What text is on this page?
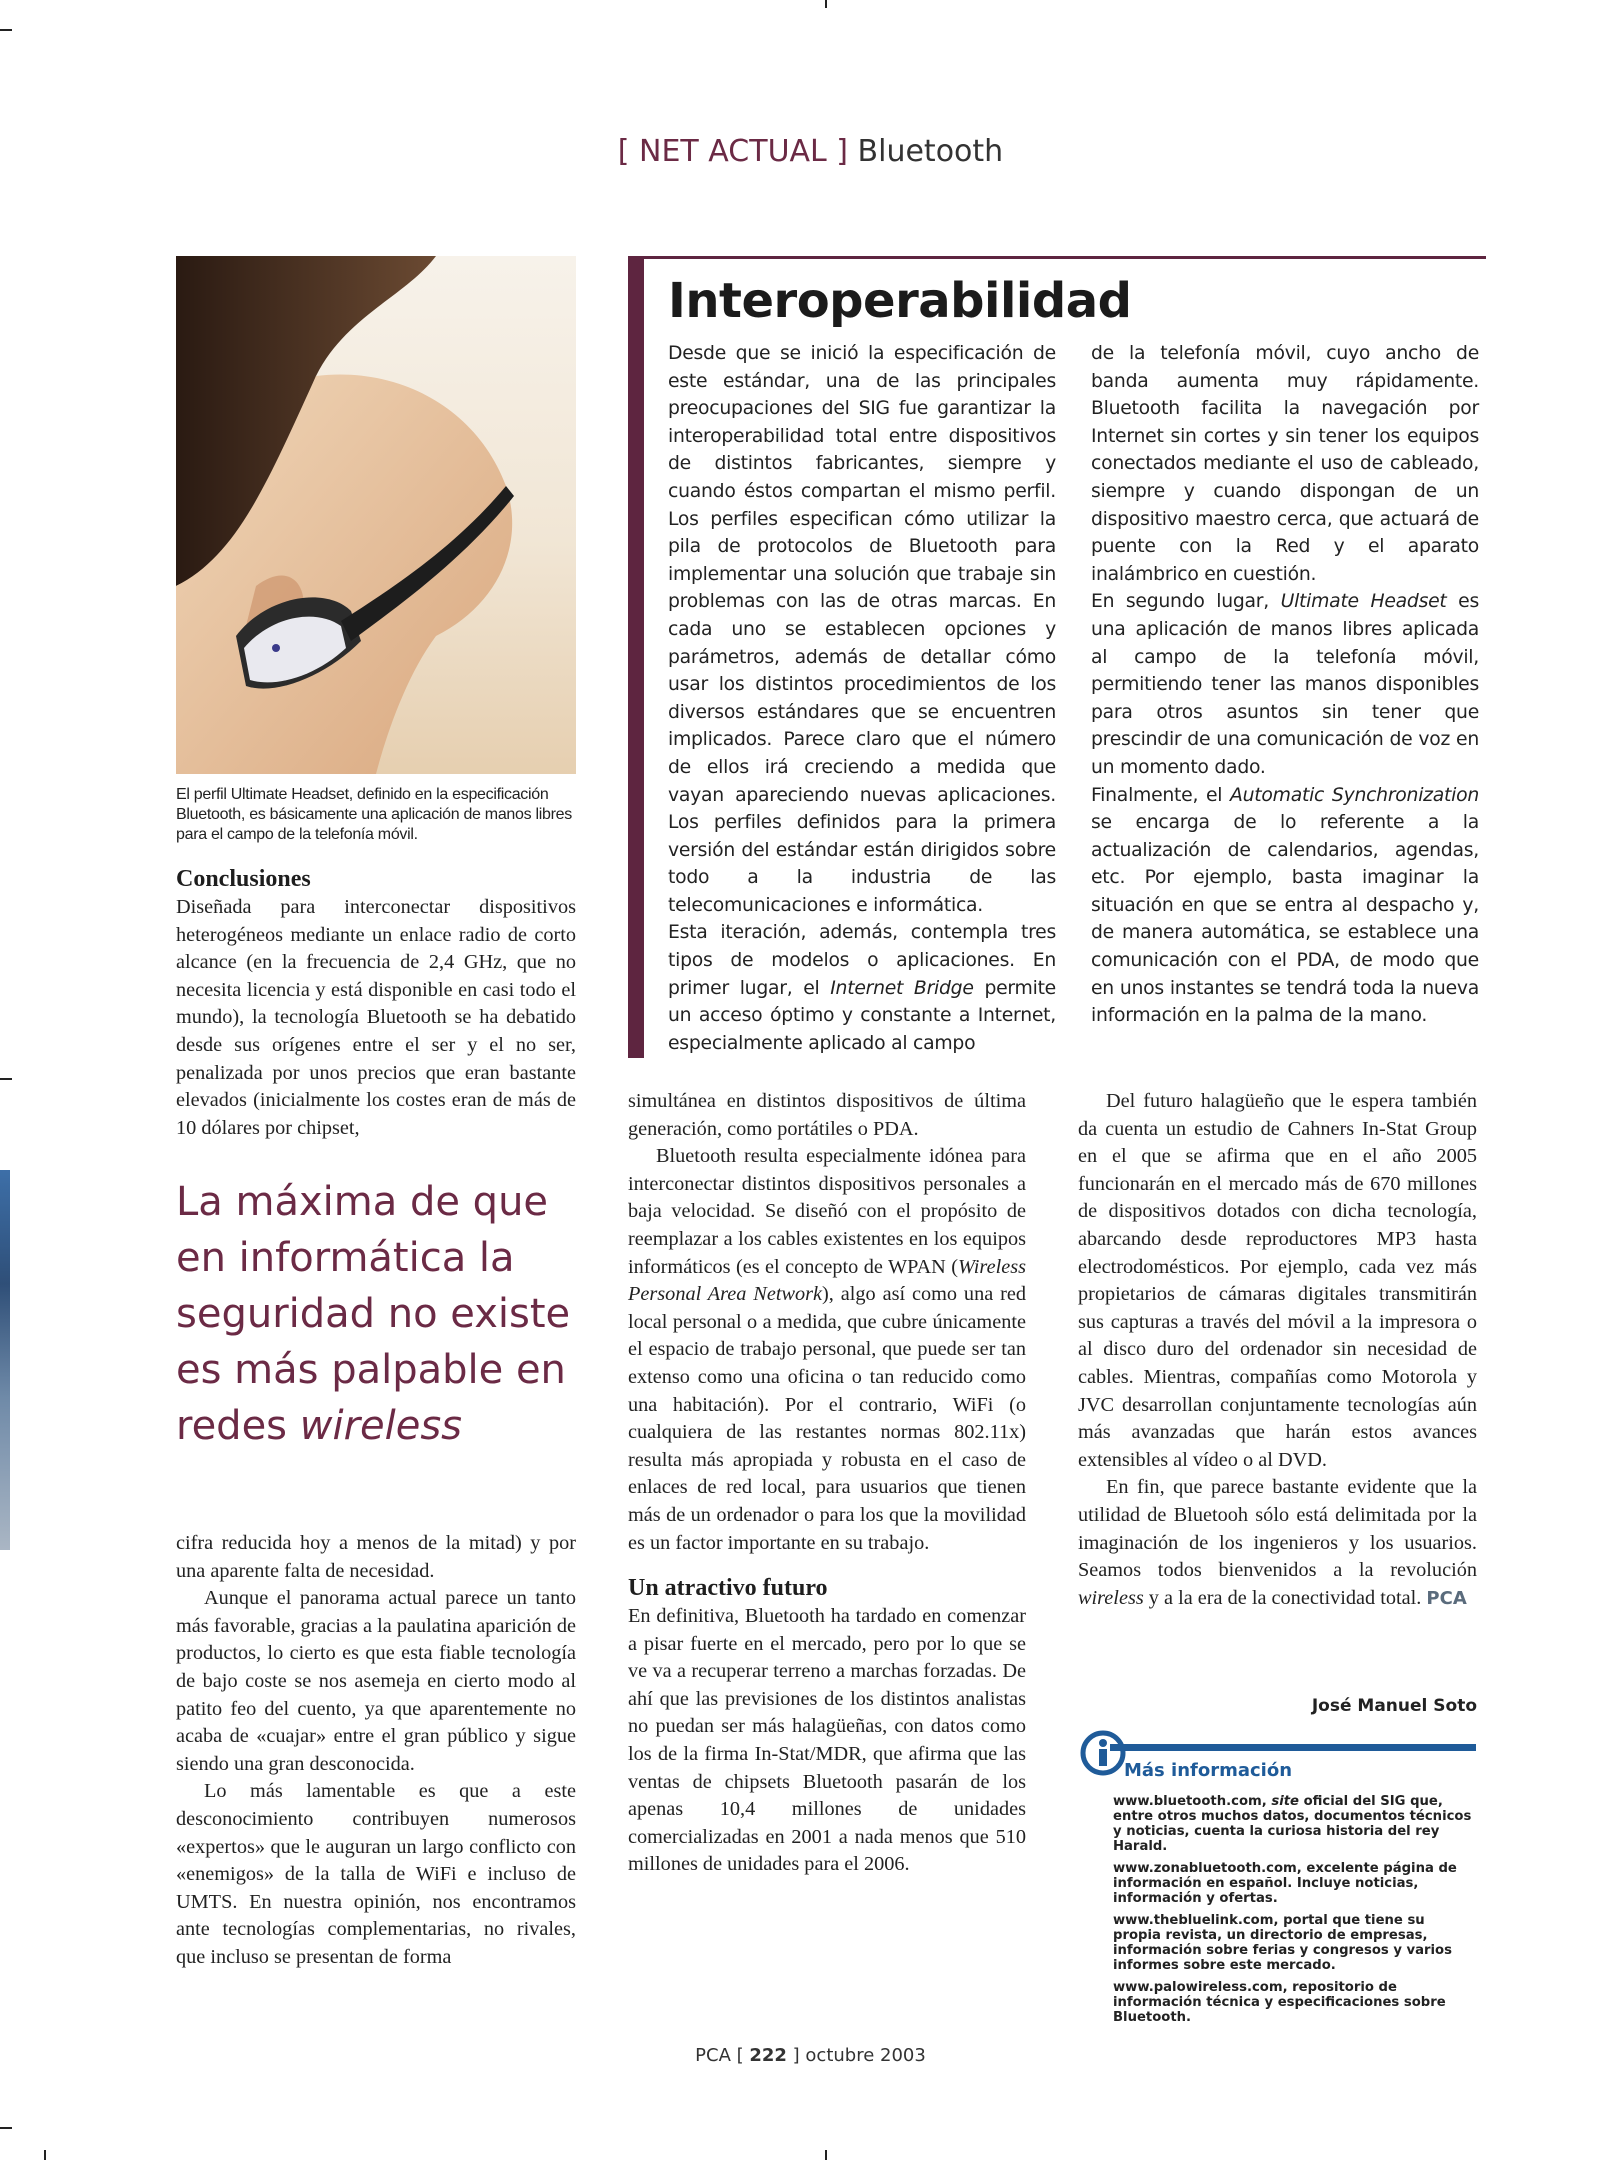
[ NET ACTUAL ] Bluetooth
El perfil Ultimate Headset, definido en la especificación Bluetooth, es básicamente una aplicación de manos libres para el campo de la telefonía móvil.
Conclusiones

Diseñada para interconectar dispositivos heterogéneos mediante un enlace radio de corto alcance (en la frecuencia de 2,4 GHz, que no necesita licencia y está disponible en casi todo el mundo), la tecnología Bluetooth se ha debatido desde sus orígenes entre el ser y el no ser, penalizada por unos precios que eran bastante elevados (inicialmente los costes eran de más de 10 dólares por chipset,

La máxima de que en informática la seguridad no existe es más palpable en redes wireless

cifra reducida hoy a menos de la mitad) y por una aparente falta de necesidad.

Aunque el panorama actual parece un tanto más favorable, gracias a la paulatina aparición de productos, lo cierto es que esta fiable tecnología de bajo coste se nos asemeja en cierto modo al patito feo del cuento, ya que aparentemente no acaba de «cuajar» entre el gran público y sigue siendo una gran desconocida.

Lo más lamentable es que a este desconocimiento contribuyen numerosos «expertos» que le auguran un largo conflicto con «enemigos» de la talla de WiFi e incluso de UMTS. En nuestra opinión, nos encontramos ante tecnologías complementarias, no rivales, que incluso se presentan de forma

Interoperabilidad

Desde que se inició la especificación de este estándar, una de las principales preocupaciones del SIG fue garantizar la interoperabilidad total entre dispositivos de distintos fabricantes, siempre y cuando éstos compartan el mismo perfil. Los perfiles especifican cómo utilizar la pila de protocolos de Bluetooth para implementar una solución que trabaje sin problemas con las de otras marcas. En cada uno se establecen opciones y parámetros, además de detallar cómo usar los distintos procedimientos de los diversos estándares que se encuentren implicados. Parece claro que el número de ellos irá creciendo a medida que vayan apareciendo nuevas aplicaciones. Los perfiles definidos para la primera versión del estándar están dirigidos sobre todo a la industria de las telecomunicaciones e informática.

Esta iteración, además, contempla tres tipos de modelos o aplicaciones. En primer lugar, el Internet Bridge permite un acceso óptimo y constante a Internet, especialmente aplicado al campo

de la telefonía móvil, cuyo ancho de banda aumenta muy rápidamente. Bluetooth facilita la navegación por Internet sin cortes y sin tener los equipos conectados mediante el uso de cableado, siempre y cuando dispongan de un dispositivo maestro cerca, que actuará de puente con la Red y el aparato inalámbrico en cuestión.

En segundo lugar, Ultimate Headset es una aplicación de manos libres aplicada al campo de la telefonía móvil, permitiendo tener las manos disponibles para otros asuntos sin tener que prescindir de una comunicación de voz en un momento dado.

Finalmente, el Automatic Synchronization se encarga de lo referente a la actualización de calendarios, agendas, etc. Por ejemplo, basta imaginar la situación en que se entra al despacho y, de manera automática, se establece una comunicación con el PDA, de modo que en unos instantes se tendrá toda la nueva información en la palma de la mano.

simultánea en distintos dispositivos de última generación, como portátiles o PDA.

Bluetooth resulta especialmente idónea para interconectar distintos dispositivos personales a baja velocidad. Se diseñó con el propósito de reemplazar a los cables existentes en los equipos informáticos (es el concepto de WPAN (Wireless Personal Area Network), algo así como una red local personal o a medida, que cubre únicamente el espacio de trabajo personal, que puede ser tan extenso como una oficina o tan reducido como una habitación). Por el contrario, WiFi (o cualquiera de las restantes normas 802.11x) resulta más apropiada y robusta en el caso de enlaces de red local, para usuarios que tienen más de un ordenador o para los que la movilidad es un factor importante en su trabajo.

Un atractivo futuro

En definitiva, Bluetooth ha tardado en comenzar a pisar fuerte en el mercado, pero por lo que se ve va a recuperar terreno a marchas forzadas. De ahí que las previsiones de los distintos analistas no puedan ser más halagüeñas, con datos como los de la firma In-Stat/MDR, que afirma que las ventas de chipsets Bluetooth pasarán de los apenas 10,4 millones de unidades comercializadas en 2001 a nada menos que 510 millones de unidades para el 2006.

Del futuro halagüeño que le espera también da cuenta un estudio de Cahners In-Stat Group en el que se afirma que en el año 2005 funcionarán en el mercado más de 670 millones de dispositivos dotados con dicha tecnología, abarcando desde reproductores MP3 hasta electrodomésticos. Por ejemplo, cada vez más propietarios de cámaras digitales transmitirán sus capturas a través del móvil a la impresora o al disco duro del ordenador sin necesidad de cables. Mientras, compañías como Motorola y JVC desarrollan conjuntamente tecnologías aún más avanzadas que harán estos avances extensibles al vídeo o al DVD.

En fin, que parece bastante evidente que la utilidad de Bluetooh sólo está delimitada por la imaginación de los ingenieros y los usuarios. Seamos todos bienvenidos a la revolución wireless y a la era de la conectividad total. PCA

José Manuel Soto
Más información

www.bluetooth.com, site oficial del SIG que, entre otros muchos datos, documentos técnicos y noticias, cuenta la curiosa historia del rey Harald.

www.zonabluetooth.com, excelente página de información en español. Incluye noticias, información y ofertas.

www.thebluelink.com, portal que tiene su propia revista, un directorio de empresas, información sobre ferias y congresos y varios informes sobre este mercado.

www.palowireless.com, repositorio de información técnica y especificaciones sobre Bluetooth.

PCA [ 222 ] octubre 2003
